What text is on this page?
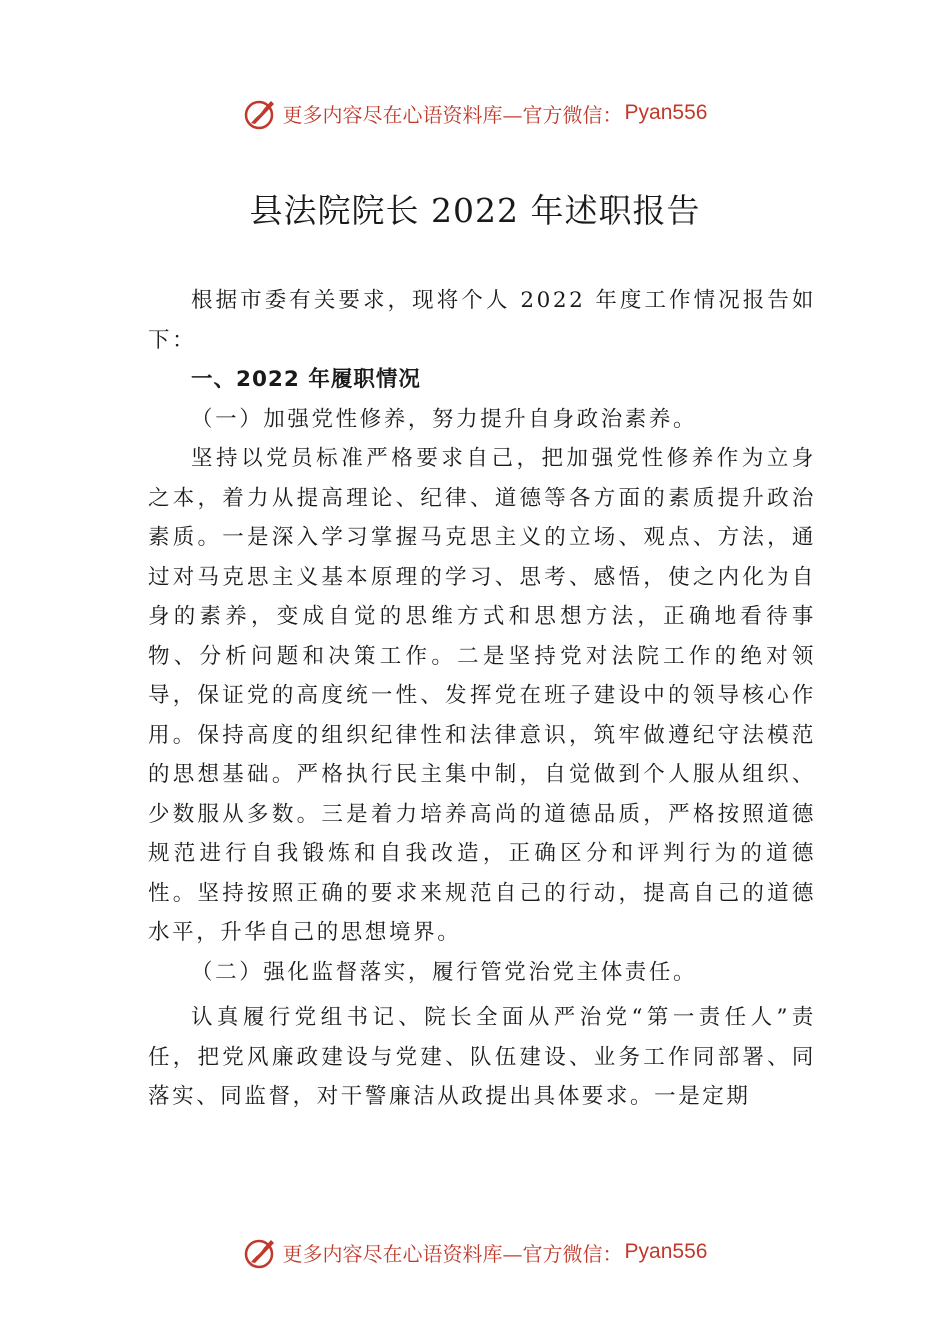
更多内容尽在心语资料库—官方微信： Pyan556
县法院院长 2022 年述职报告

根据市委有关要求，现将个人 2022 年度工作情况报告如下：

一、2022 年履职情况

（一）加强党性修养，努力提升自身政治素养。

坚持以党员标准严格要求自己，把加强党性修养作为立身之本，着力从提高理论、纪律、道德等各方面的素质提升政治素质。一是深入学习掌握马克思主义的立场、观点、方法，通过对马克思主义基本原理的学习、思考、感悟，使之内化为自身的素养，变成自觉的思维方式和思想方法，正确地看待事物、分析问题和决策工作。二是坚持党对法院工作的绝对领导，保证党的高度统一性、发挥党在班子建设中的领导核心作用。保持高度的组织纪律性和法律意识，筑牢做遵纪守法模范的思想基础。严格执行民主集中制，自觉做到个人服从组织、少数服从多数。三是着力培养高尚的道德品质，严格按照道德规范进行自我锻炼和自我改造，正确区分和评判行为的道德性。坚持按照正确的要求来规范自己的行动，提高自己的道德水平，升华自己的思想境界。

（二）强化监督落实，履行管党治党主体责任。

认真履行党组书记、院长全面从严治党“第一责任人”责任，把党风廉政建设与党建、队伍建设、业务工作同部署、同落实、同监督，对干警廉洁从政提出具体要求。一是定期

更多内容尽在心语资料库—官方微信： Pyan556
